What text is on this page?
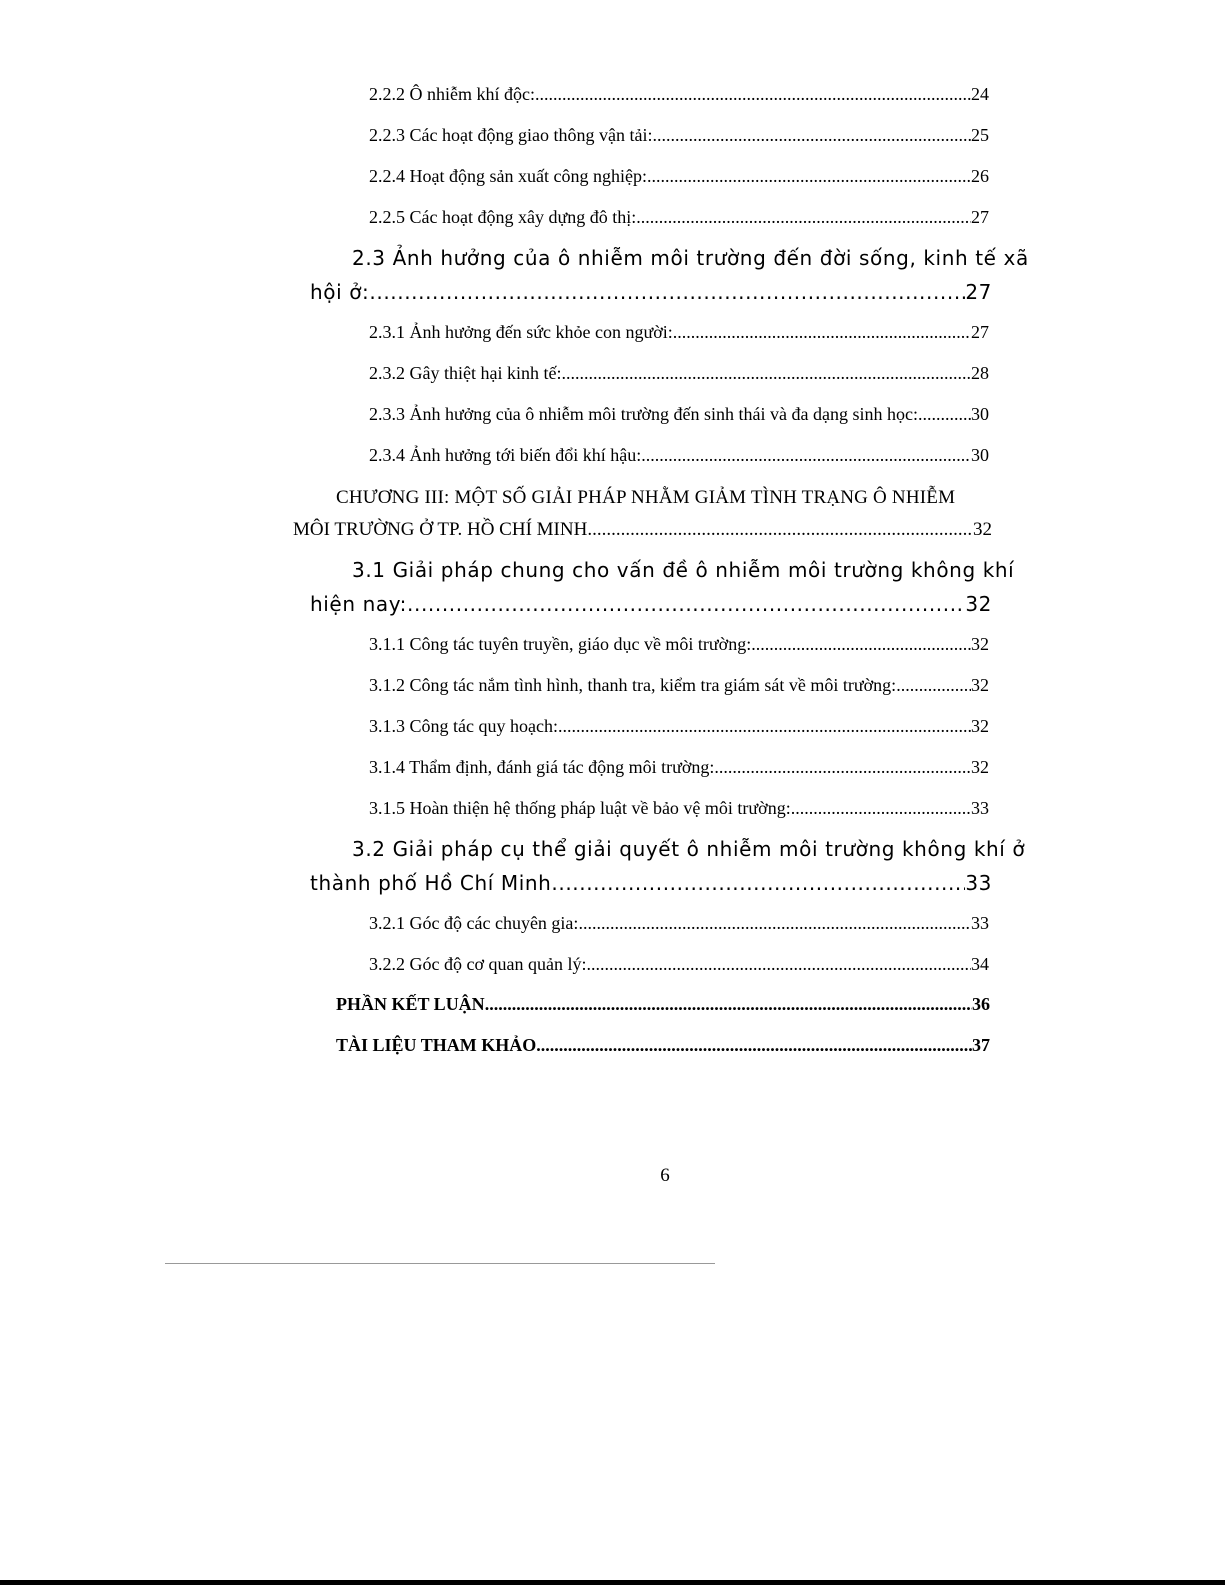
2.2.2 Ô nhiễm khí độc: .....	24
2.2.3 Các hoạt động giao thông vận tải: .....	25
2.2.4 Hoạt động sản xuất công nghiệp: .....	26
2.2.5 Các hoạt động xây dựng đô thị: .....	27
2.3 Ảnh hưởng của ô nhiễm môi trường đến đời sống, kinh tế xã
hội ở: .....	27
2.3.1 Ảnh hưởng đến sức khỏe con người: .....	27
2.3.2 Gây thiệt hại kinh tế: .....	28
2.3.3 Ảnh hưởng của ô nhiễm môi trường đến sinh thái và đa dạng sinh học: .....	30
2.3.4 Ảnh hưởng tới biến đổi khí hậu: .....	30
CHƯƠNG III: MỘT SỐ GIẢI PHÁP NHẰM GIẢM TÌNH TRẠNG Ô NHIỄM
MÔI TRƯỜNG Ở TP. HỒ CHÍ MINH .....	32
3.1 Giải pháp chung cho vấn đề ô nhiễm môi trường không khí
hiện nay: .....	32
3.1.1 Công tác tuyên truyền, giáo dục về môi trường: .....	32
3.1.2 Công tác nắm tình hình, thanh tra, kiểm tra giám sát về môi trường: .....	32
3.1.3 Công tác quy hoạch: .....	32
3.1.4 Thẩm định, đánh giá tác động môi trường: .....	32
3.1.5 Hoàn thiện hệ thống pháp luật về bảo vệ môi trường: .....	33
3.2 Giải pháp cụ thể giải quyết ô nhiễm môi trường không khí ở
thành phố Hồ Chí Minh .....	33
3.2.1 Góc độ các chuyên gia: .....	33
3.2.2 Góc độ cơ quan quản lý: .....	34
PHẦN KẾT LUẬN .....	36
TÀI LIỆU THAM KHẢO .....	37
6
